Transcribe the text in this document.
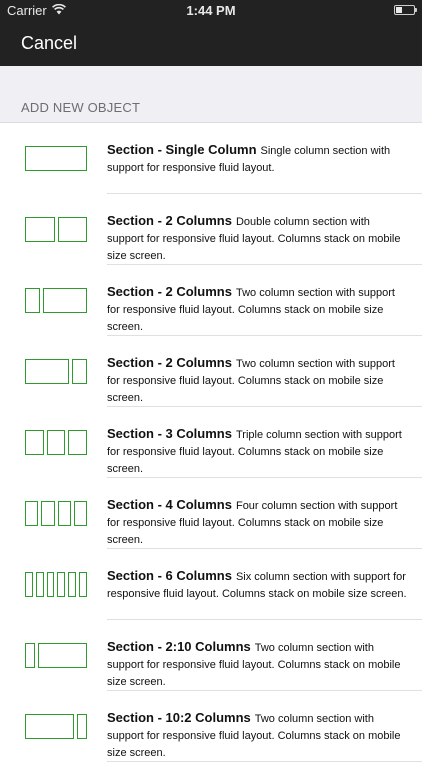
Carrier	1:44 PM
Cancel
ADD NEW OBJECT
Section - Single Column Single column section with support for responsive fluid layout.
Section - 2 Columns Double column section with support for responsive fluid layout. Columns stack on mobile size screen.
Section - 2 Columns Two column section with support for responsive fluid layout. Columns stack on mobile size screen.
Section - 2 Columns Two column section with support for responsive fluid layout. Columns stack on mobile size screen.
Section - 3 Columns Triple column section with support for responsive fluid layout. Columns stack on mobile size screen.
Section - 4 Columns Four column section with support for responsive fluid layout. Columns stack on mobile size screen.
Section - 6 Columns Six column section with support for responsive fluid layout. Columns stack on mobile size screen.
Section - 2:10 Columns Two column section with support for responsive fluid layout. Columns stack on mobile size screen.
Section - 10:2 Columns Two column section with support for responsive fluid layout. Columns stack on mobile size screen.
